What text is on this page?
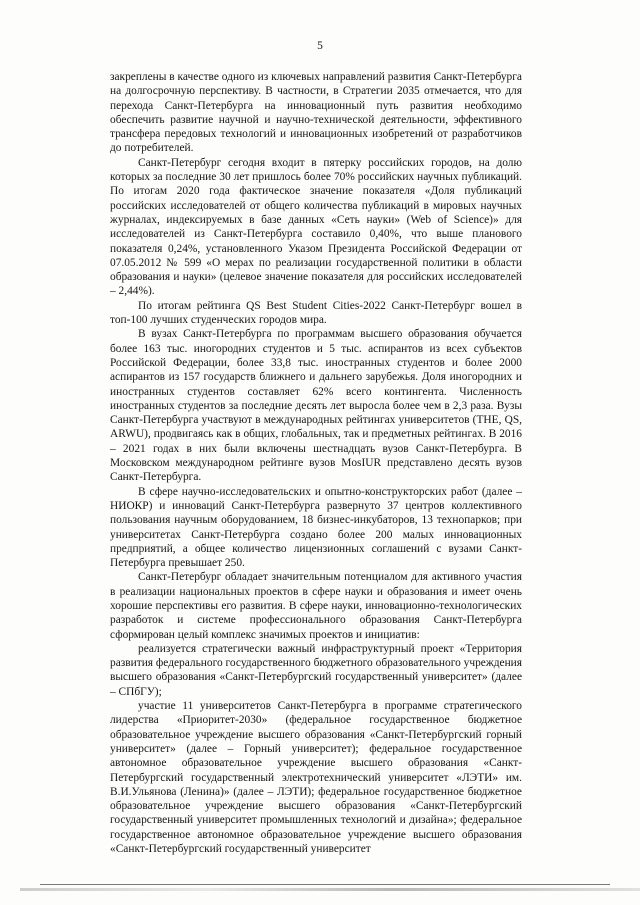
5

закреплены в качестве одного из ключевых направлений развития Санкт-Петербурга на долгосрочную перспективу. В частности, в Стратегии 2035 отмечается, что для перехода Санкт-Петербурга на инновационный путь развития необходимо обеспечить развитие научной и научно-технической деятельности, эффективного трансфера передовых технологий и инновационных изобретений от разработчиков до потребителей.

Санкт-Петербург сегодня входит в пятерку российских городов, на долю которых за последние 30 лет пришлось более 70% российских научных публикаций. По итогам 2020 года фактическое значение показателя «Доля публикаций российских исследователей от общего количества публикаций в мировых научных журналах, индексируемых в базе данных «Сеть науки» (Web of Science)» для исследователей из Санкт-Петербурга составило 0,40%, что выше планового показателя 0,24%, установленного Указом Президента Российской Федерации от 07.05.2012 № 599 «О мерах по реализации государственной политики в области образования и науки» (целевое значение показателя для российских исследователей – 2,44%).

По итогам рейтинга QS Best Student Cities-2022 Санкт-Петербург вошел в топ-100 лучших студенческих городов мира.

В вузах Санкт-Петербурга по программам высшего образования обучается более 163 тыс. иногородних студентов и 5 тыс. аспирантов из всех субъектов Российской Федерации, более 33,8 тыс. иностранных студентов и более 2000 аспирантов из 157 государств ближнего и дальнего зарубежья. Доля иногородних и иностранных студентов составляет 62% всего контингента. Численность иностранных студентов за последние десять лет выросла более чем в 2,3 раза. Вузы Санкт-Петербурга участвуют в международных рейтингах университетов (THE, QS, ARWU), продвигаясь как в общих, глобальных, так и предметных рейтингах. В 2016 – 2021 годах в них были включены шестнадцать вузов Санкт-Петербурга. В Московском международном рейтинге вузов MosIUR представлено десять вузов Санкт-Петербурга.

В сфере научно-исследовательских и опытно-конструкторских работ (далее – НИОКР) и инноваций Санкт-Петербурга развернуто 37 центров коллективного пользования научным оборудованием, 18 бизнес-инкубаторов, 13 технопарков; при университетах Санкт-Петербурга создано более 200 малых инновационных предприятий, а общее количество лицензионных соглашений с вузами Санкт-Петербурга превышает 250.

Санкт-Петербург обладает значительным потенциалом для активного участия в реализации национальных проектов в сфере науки и образования и имеет очень хорошие перспективы его развития. В сфере науки, инновационно-технологических разработок и системе профессионального образования Санкт-Петербурга сформирован целый комплекс значимых проектов и инициатив:

реализуется стратегически важный инфраструктурный проект «Территория развития федерального государственного бюджетного образовательного учреждения высшего образования «Санкт-Петербургский государственный университет» (далее – СПбГУ);

участие 11 университетов Санкт-Петербурга в программе стратегического лидерства «Приоритет-2030» (федеральное государственное бюджетное образовательное учреждение высшего образования «Санкт-Петербургский горный университет» (далее – Горный университет); федеральное государственное автономное образовательное учреждение высшего образования «Санкт-Петербургский государственный электротехнический университет «ЛЭТИ» им. В.И.Ульянова (Ленина)» (далее – ЛЭТИ); федеральное государственное бюджетное образовательное учреждение высшего образования «Санкт-Петербургский государственный университет промышленных технологий и дизайна»; федеральное государственное автономное образовательное учреждение высшего образования «Санкт-Петербургский государственный университет
